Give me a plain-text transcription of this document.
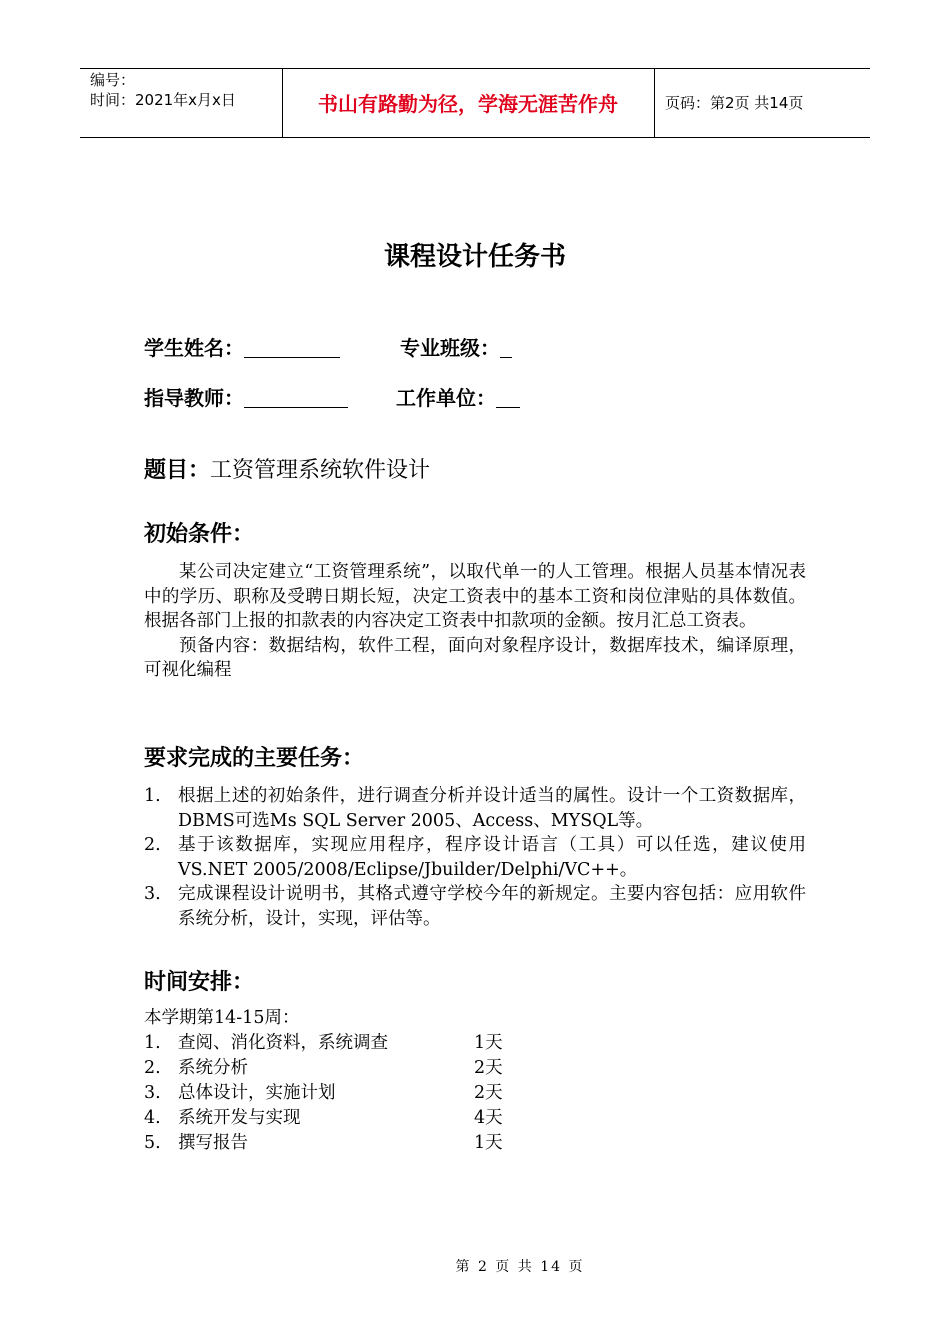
编号：
时间：2021年x月x日	书山有路勤为径，学海无涯苦作舟	页码：第2页 共14页
课程设计任务书
学生姓名：	专业班级：
指导教师：	工作单位：
题目：工资管理系统软件设计
初始条件：

某公司决定建立“工资管理系统”，以取代单一的人工管理。根据人员基本情况表中的学历、职称及受聘日期长短，决定工资表中的基本工资和岗位津贴的具体数值。根据各部门上报的扣款表的内容决定工资表中扣款项的金额。按月汇总工资表。

预备内容：数据结构，软件工程，面向对象程序设计，数据库技术，编译原理，可视化编程

要求完成的主要任务：
1. 根据上述的初始条件，进行调查分析并设计适当的属性。设计一个工资数据库，DBMS可选Ms SQL Server 2005、Access、MYSQL等。
2. 基于该数据库，实现应用程序，程序设计语言（工具）可以任选，建议使用VS.NET 2005/2008/Eclipse/Jbuilder/Delphi/VC++。
3. 完成课程设计说明书，其格式遵守学校今年的新规定。主要内容包括：应用软件系统分析，设计，实现，评估等。
时间安排：
本学期第14-15周：
1. 查阅、消化资料，系统调查	1天
2. 系统分析	2天
3. 总体设计，实施计划	2天
4. 系统开发与实现	4天
5. 撰写报告	1天
第 2 页 共 14 页
